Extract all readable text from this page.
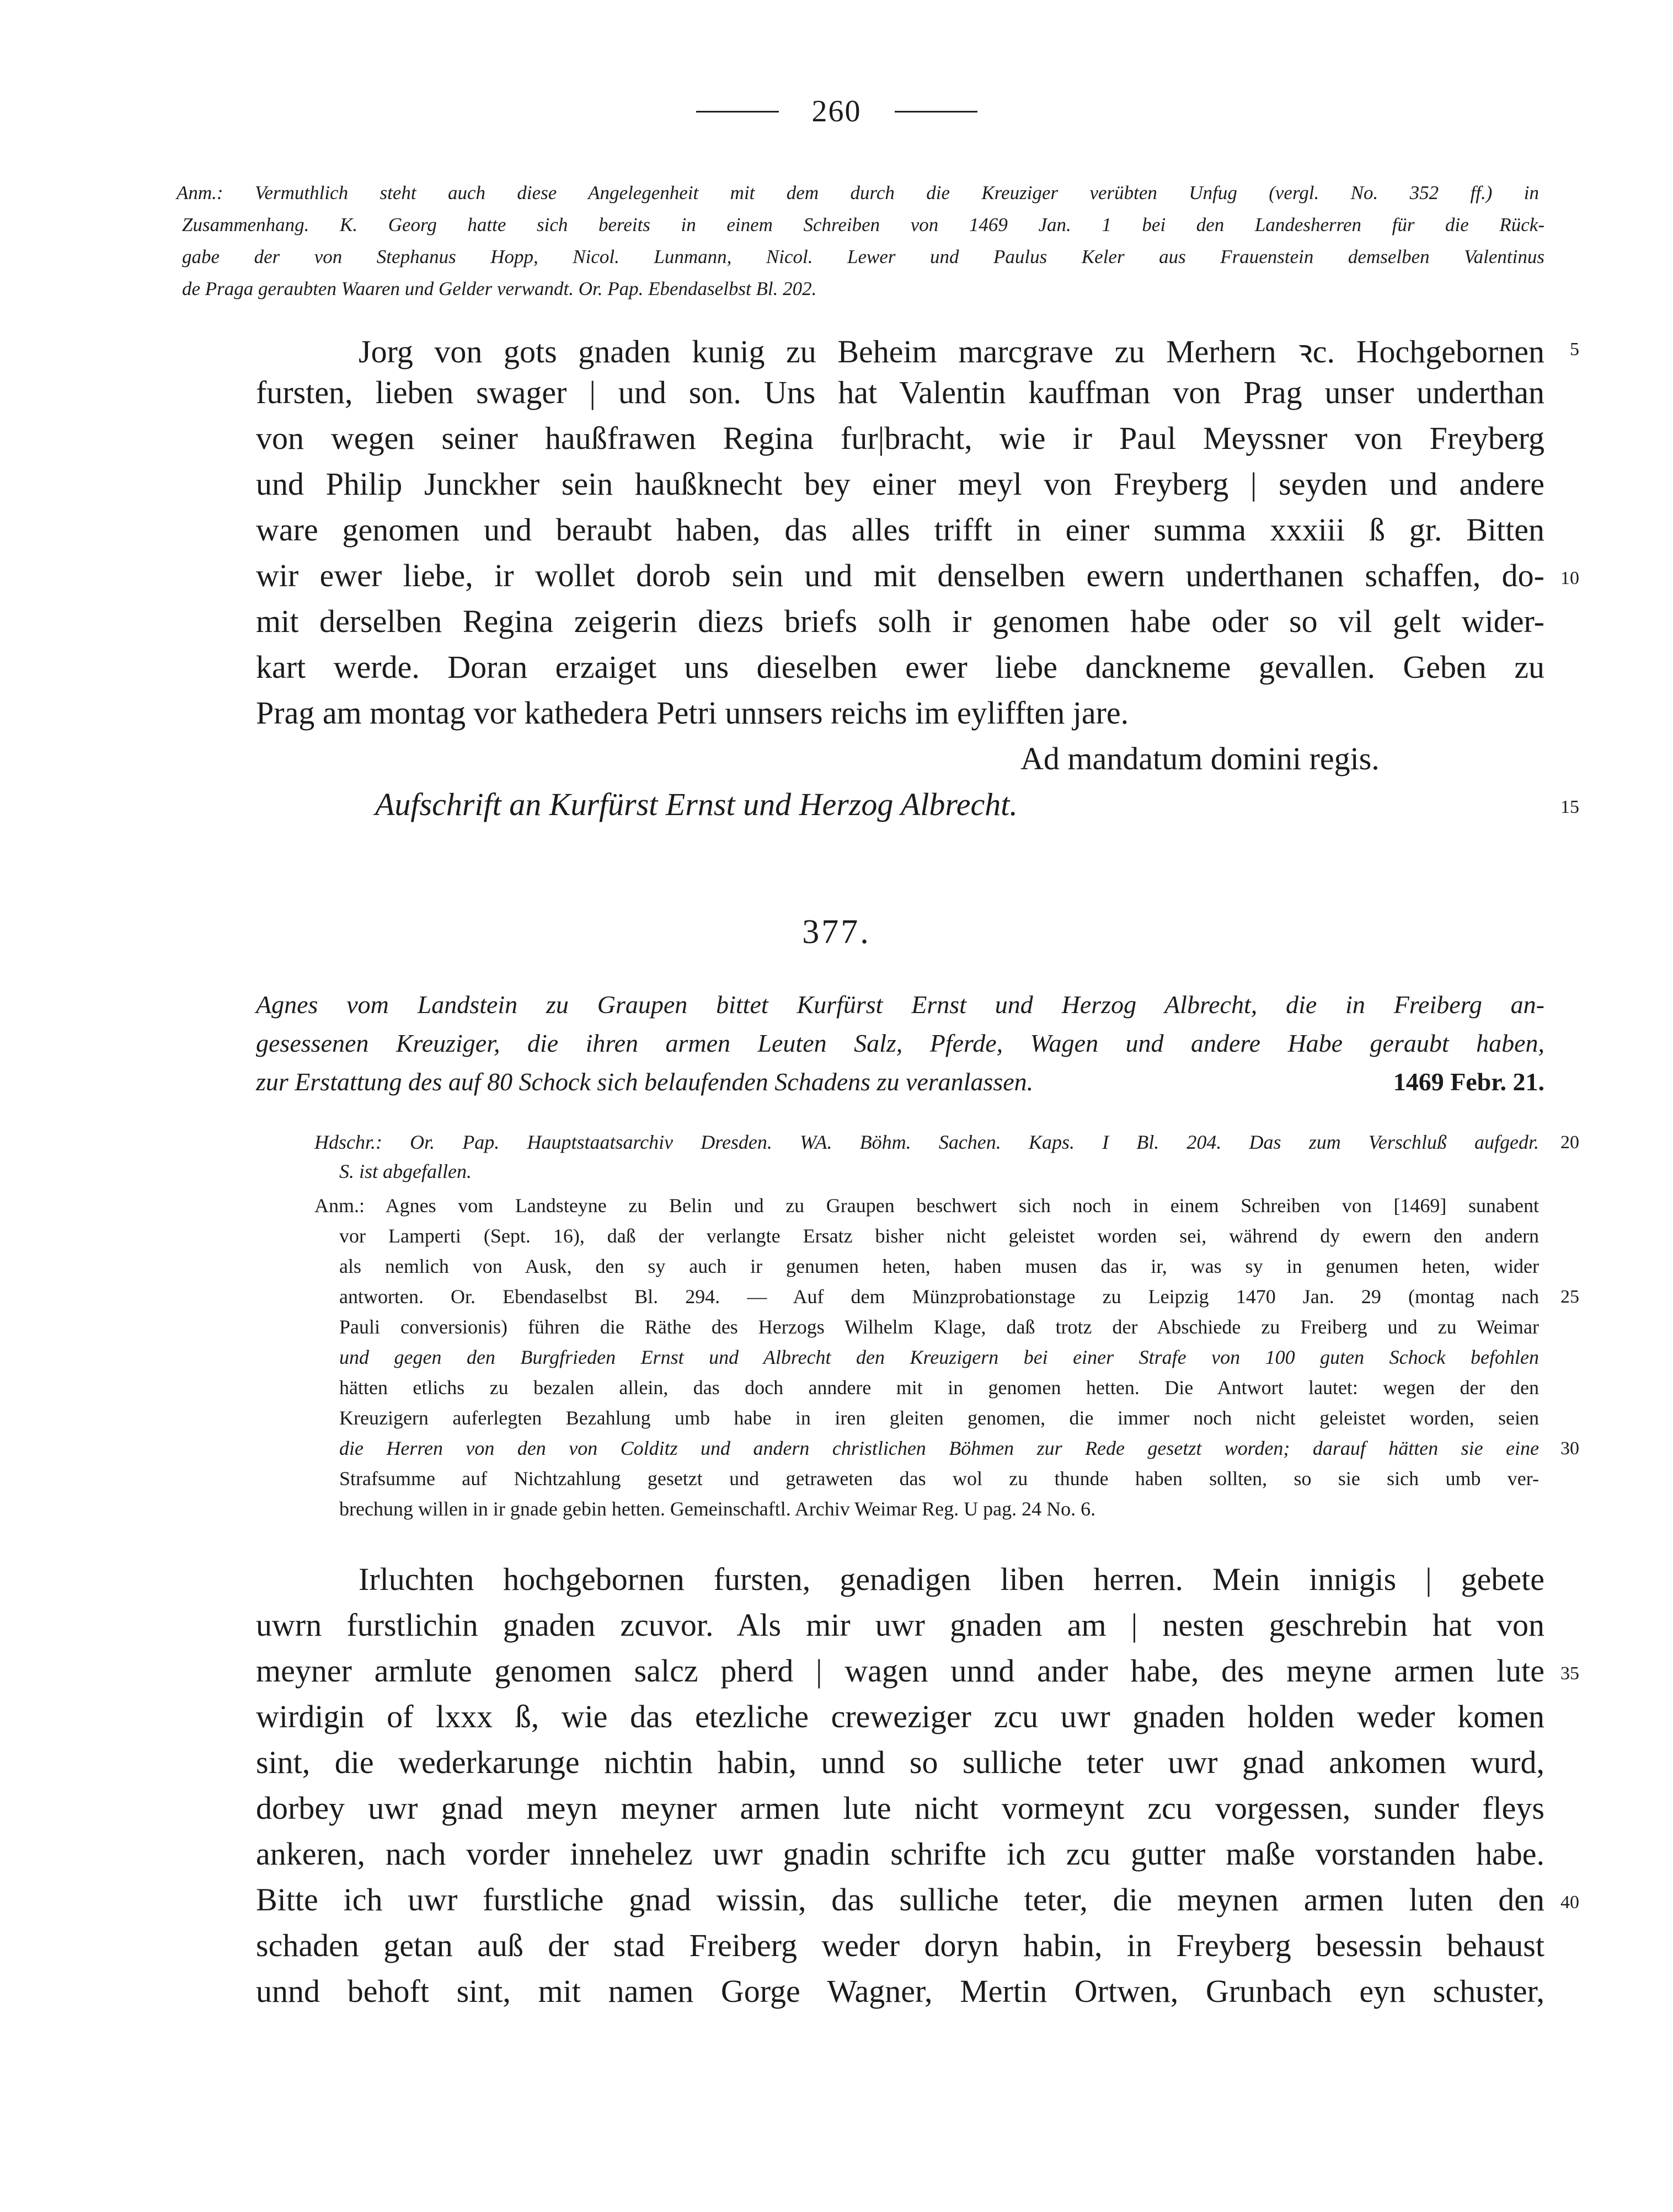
260
Anm.: Vermuthlich steht auch diese Angelegenheit mit dem durch die Kreuziger verübten Unfug (vergl. No. 352 ff.) in
Zusammenhang. K. Georg hatte sich bereits in einem Schreiben von 1469 Jan. 1 bei den Landesherren für die Rück-
gabe der von Stephanus Hopp, Nicol. Lunmann, Nicol. Lewer und Paulus Keler aus Frauenstein demselben Valentinus
de Praga geraubten Waaren und Gelder verwandt. Or. Pap. Ebendaselbst Bl. 202.
Jorg von gots gnaden kunig zu Beheim marcgrave zu Merhern ꝛc. Hochgebornen 5
fursten, lieben swager | und son. Uns hat Valentin kauffman von Prag unser underthan
von wegen seiner haußfrawen Regina fur|bracht, wie ir Paul Meyssner von Freyberg
und Philip Junckher sein haußknecht bey einer meyl von Freyberg | seyden und andere
ware genomen und beraubt haben, das alles trifft in einer summa xxxiii ß gr. Bitten
wir ewer liebe, ir wollet dorob sein und mit denselben ewern underthanen schaffen, do- 10
mit derselben Regina zeigerin diezs briefs solh ir genomen habe oder so vil gelt wider-
kart werde. Doran erzaiget uns dieselben ewer liebe danckneme gevallen. Geben zu
Prag am montag vor kathedera Petri unnsers reichs im eylifften jare.
Ad mandatum domini regis.
Aufschrift an Kurfürst Ernst und Herzog Albrecht.	15
377.
Agnes vom Landstein zu Graupen bittet Kurfürst Ernst und Herzog Albrecht, die in Freiberg an-
gesessenen Kreuziger, die ihren armen Leuten Salz, Pferde, Wagen und andere Habe geraubt haben,
zur Erstattung des auf 80 Schock sich belaufenden Schadens zu veranlassen.	1469 Febr. 21.
Hdschr.: Or. Pap. Hauptstaatsarchiv Dresden. WA. Böhm. Sachen. Kaps. I Bl. 204. Das zum Verschluß aufgedr. 20
S. ist abgefallen.
Anm.: Agnes vom Landsteyne zu Belin und zu Graupen beschwert sich noch in einem Schreiben von [1469] sunabent
vor Lamperti (Sept. 16), daß der verlangte Ersatz bisher nicht geleistet worden sei, während dy ewern den andern
als nemlich von Ausk, den sy auch ir genumen heten, haben musen das ir, was sy in genumen heten, wider
antworten. Or. Ebendaselbst Bl. 294. — Auf dem Münzprobationstage zu Leipzig 1470 Jan. 29 (montag nach 25
Pauli conversionis) führen die Räthe des Herzogs Wilhelm Klage, daß trotz der Abschiede zu Freiberg und zu Weimar
und gegen den Burgfrieden Ernst und Albrecht den Kreuzigern bei einer Strafe von 100 guten Schock befohlen
hätten etlichs zu bezalen allein, das doch anndere mit in genomen hetten. Die Antwort lautet: wegen der den
Kreuzigern auferlegten Bezahlung umb habe in iren gleiten genomen, die immer noch nicht geleistet worden, seien
die Herren von den von Colditz und andern christlichen Böhmen zur Rede gesetzt worden; darauf hätten sie eine 30
Strafsumme auf Nichtzahlung gesetzt und getraweten das wol zu thunde haben sollten, so sie sich umb ver-
brechung willen in ir gnade gebin hetten. Gemeinschaftl. Archiv Weimar Reg. U pag. 24 No. 6.
Irluchten hochgebornen fursten, genadigen liben herren. Mein innigis | gebete
uwrn furstlichin gnaden zcuvor. Als mir uwr gnaden am | nesten geschrebin hat von
meyner armlute genomen salcz pherd | wagen unnd ander habe, des meyne armen lute 35
wirdigin of lxxx ß, wie das etezliche creweziger zcu uwr gnaden holden weder komen
sint, die wederkarunge nichtin habin, unnd so sulliche teter uwr gnad ankomen wurd,
dorbey uwr gnad meyn meyner armen lute nicht vormeynt zcu vorgessen, sunder fleys
ankeren, nach vorder innehelez uwr gnadin schrifte ich zcu gutter maße vorstanden habe.
Bitte ich uwr furstliche gnad wissin, das sulliche teter, die meynen armen luten den 40
schaden getan auß der stad Freiberg weder doryn habin, in Freyberg besessin behaust
unnd behoft sint, mit namen Gorge Wagner, Mertin Ortwen, Grunbach eyn schuster,
